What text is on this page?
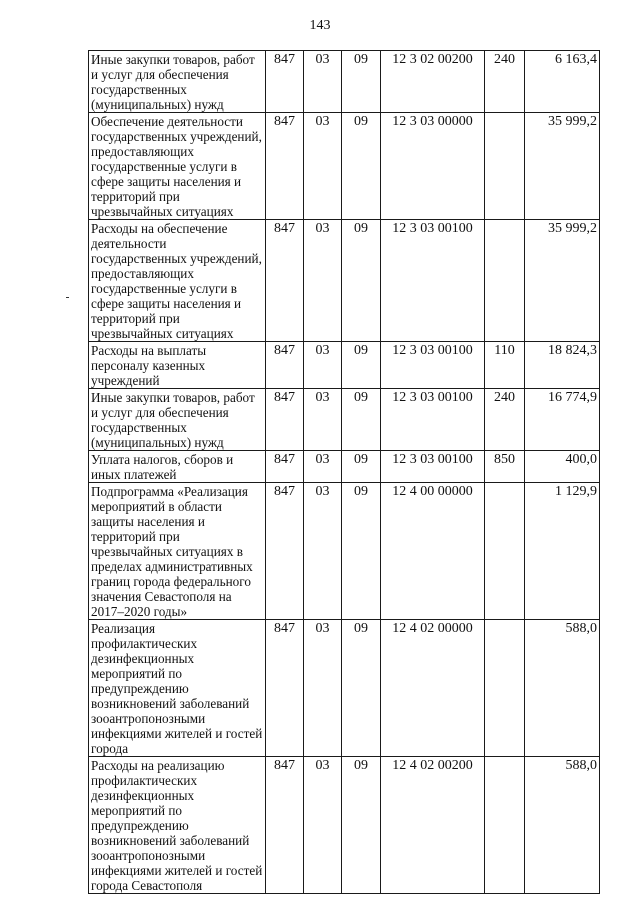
143
Иные закупки товаров, работ и услуг для обеспечения государственных (муниципальных) нужд	847	03	09	12 3 02 00200	240	6 163,4
Обеспечение деятельности государственных учреждений, предоставляющих государственные услуги в сфере защиты населения и территорий при чрезвычайных ситуациях	847	03	09	12 3 03 00000		35 999,2
Расходы на обеспечение деятельности государственных учреждений, предоставляющих государственные услуги в сфере защиты населения и территорий при чрезвычайных ситуациях	847	03	09	12 3 03 00100		35 999,2
Расходы на выплаты персоналу казенных учреждений	847	03	09	12 3 03 00100	110	18 824,3
Иные закупки товаров, работ и услуг для обеспечения государственных (муниципальных) нужд	847	03	09	12 3 03 00100	240	16 774,9
Уплата налогов, сборов и иных платежей	847	03	09	12 3 03 00100	850	400,0
Подпрограмма «Реализация мероприятий в области защиты населения и территорий при чрезвычайных ситуациях в пределах административных границ города федерального значения Севастополя на 2017–2020 годы»	847	03	09	12 4 00 00000		1 129,9
Реализация профилактических дезинфекционных мероприятий по предупреждению возникновений заболеваний зооантропонозными инфекциями жителей и гостей города	847	03	09	12 4 02 00000		588,0
Расходы на реализацию профилактических дезинфекционных мероприятий по предупреждению возникновений заболеваний зооантропонозными инфекциями жителей и гостей города Севастополя	847	03	09	12 4 02 00200		588,0
